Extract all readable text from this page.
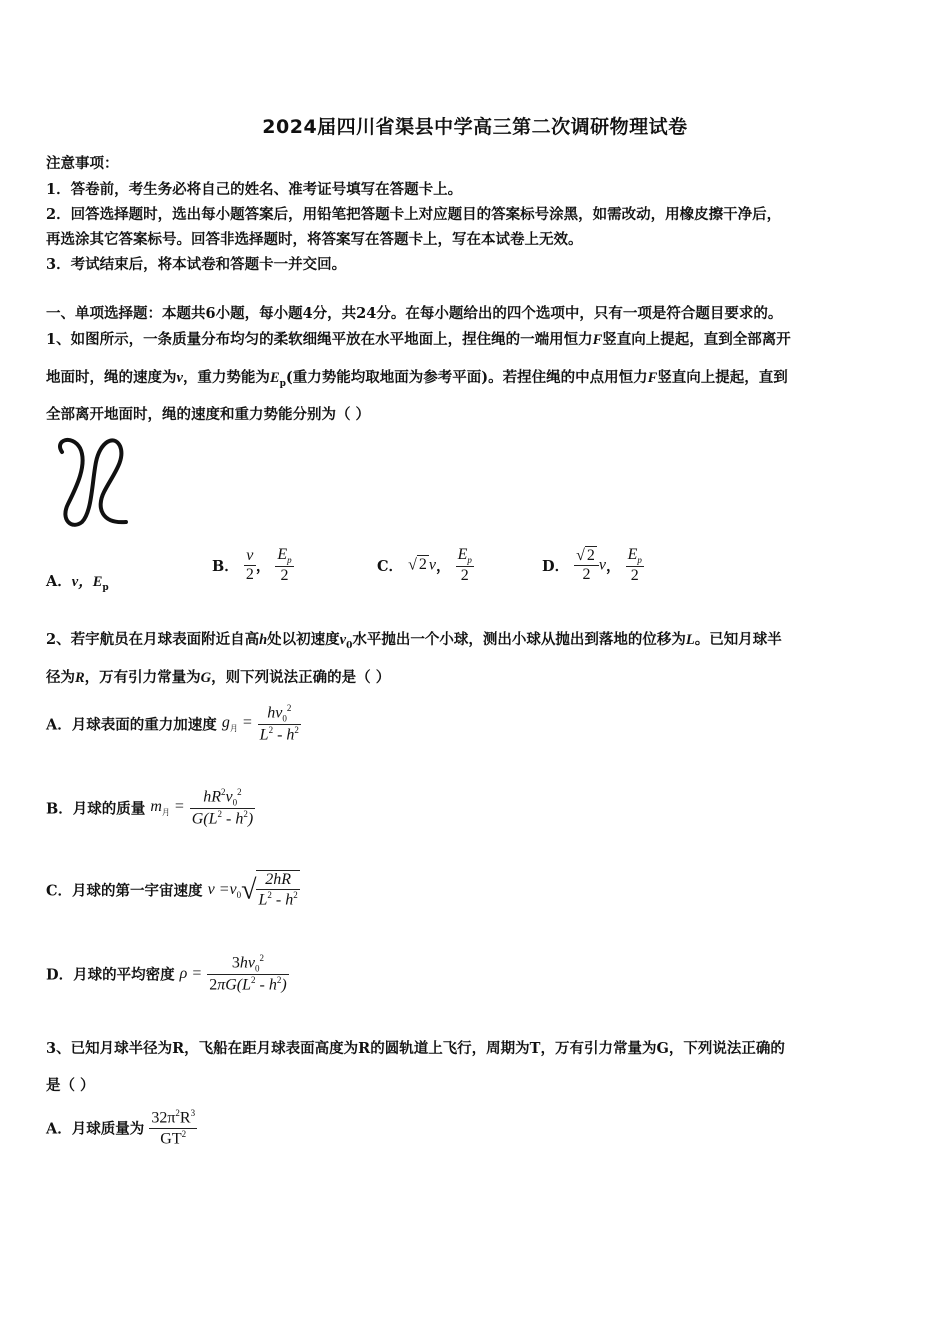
2024届四川省渠县中学高三第二次调研物理试卷
注意事项：
1．答卷前，考生务必将自己的姓名、准考证号填写在答题卡上。
2．回答选择题时，选出每小题答案后，用铅笔把答题卡上对应题目的答案标号涂黑，如需改动，用橡皮擦干净后，
再选涂其它答案标号。回答非选择题时，将答案写在答题卡上，写在本试卷上无效。
3．考试结束后，将本试卷和答题卡一并交回。
一、单项选择题：本题共6小题，每小题4分，共24分。在每小题给出的四个选项中，只有一项是符合题目要求的。
1、如图所示，一条质量分布均匀的柔软细绳平放在水平地面上，捏住绳的一端用恒力F竖直向上提起，直到全部离开
地面时，绳的速度为v，重力势能为$E_p$(重力势能均取地面为参考平面)。若捏住绳的中点用恒力F竖直向上提起，直到
全部离开地面时，绳的速度和重力势能分别为（ ）
A．v，$E_p$
B． $\frac{v}{2}$ ， $\frac{E_p}{2}$	C． √ 2 v， $\frac{E_p}{2}$	D． $\frac{√ 2}{2}$ v， $\frac{E_p}{2}$
2、若宇航员在月球表面附近自高h处以初速度$v_0$水平抛出一个小球，测出小球从抛出到落地的位移为L。已知月球半
径为R，万有引力常量为G，则下列说法正确的是（ ）
A．月球表面的重力加速度 $g_月 = \frac{hv_0^2}{L^2 - h^2}$
B．月球的质量 $m_月 = \frac{hR^2v_0^2}{G(L^2 - h^2)}$
C．月球的第一宇宙速度 $v =v_0√ \frac{2hR}{L^2 - h^2}$
D．月球的平均密度 $\rho = \frac{3hv_0^2}{2\pi G(L^2 - h^2)}$
3、已知月球半径为R，飞船在距月球表面高度为R的圆轨道上飞行，周期为T，万有引力常量为G，下列说法正确的
是（ ）
A．月球质量为 $\frac{32\pi^2R^3}{GT^2}$
